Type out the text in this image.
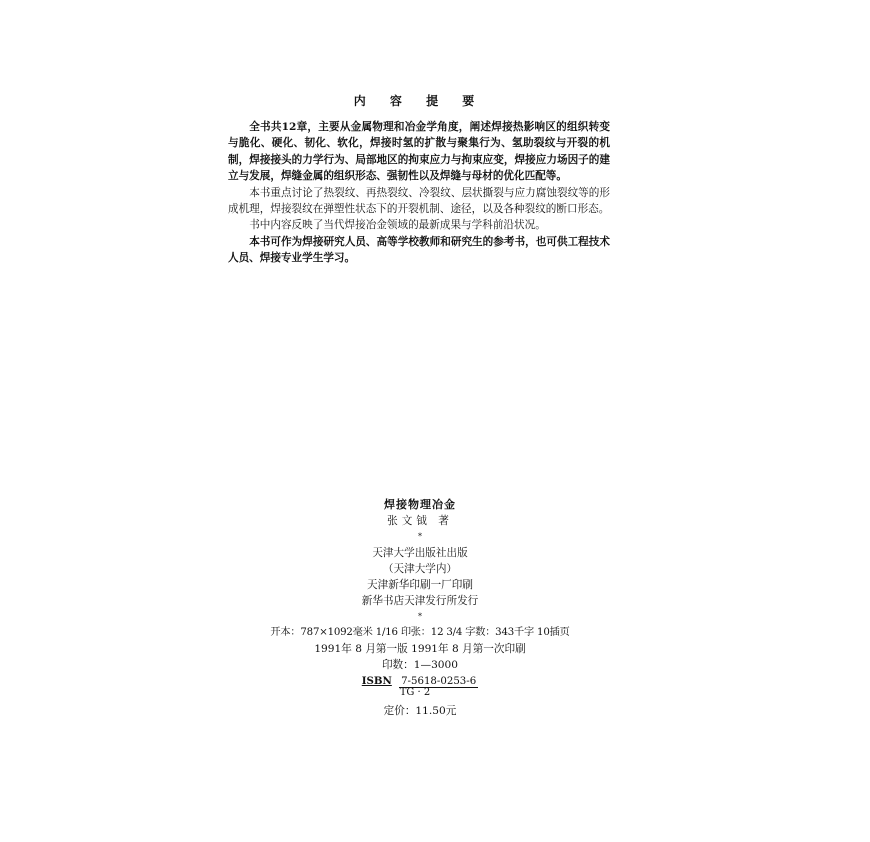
内 容 提 要

全书共12章，主要从金属物理和冶金学角度，阐述焊接热影响区的组织转变与脆化、硬化、韧化、软化，焊接时氢的扩散与聚集行为、氢助裂纹与开裂的机制，焊接接头的力学行为、局部地区的拘束应力与拘束应变，焊接应力场因子的建立与发展，焊缝金属的组织形态、强韧性以及焊缝与母材的优化匹配等。

本书重点讨论了热裂纹、再热裂纹、冷裂纹、层状撕裂与应力腐蚀裂纹等的形成机理，焊接裂纹在弹塑性状态下的开裂机制、途径，以及各种裂纹的断口形态。

书中内容反映了当代焊接冶金领域的最新成果与学科前沿状况。

本书可作为焊接研究人员、高等学校教师和研究生的参考书，也可供工程技术人员、焊接专业学生学习。

焊接物理冶金
张文钺 著
*
天津大学出版社出版
（天津大学内）
天津新华印刷一厂印刷
新华书店天津发行所发行
*
开本：787×1092毫米 1/16 印张：12 3/4 字数：343千字 10插页
1991年 8 月第一版 1991年 8 月第一次印刷
印数：1—3000
ISBN 7-5618-0253-6
TG · 2
定价：11.50元
